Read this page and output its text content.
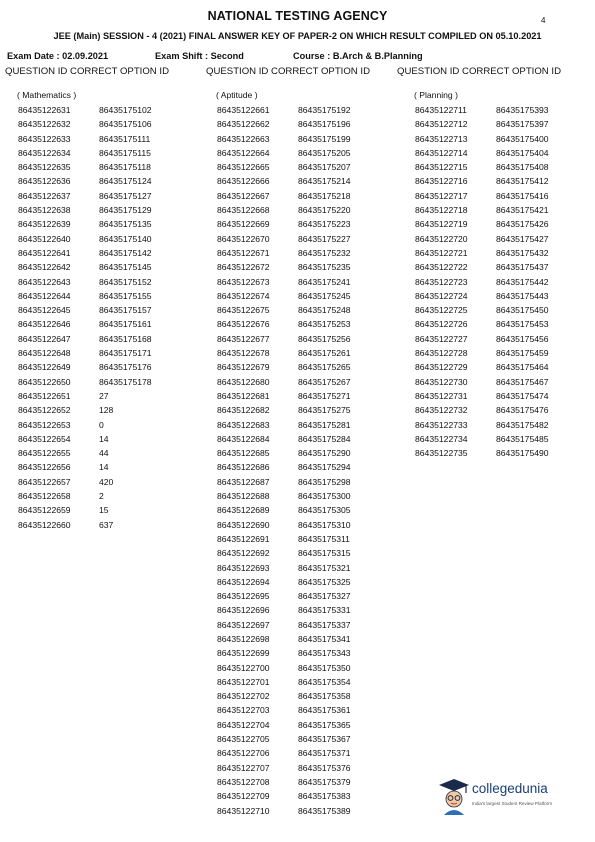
NATIONAL TESTING AGENCY	4
JEE (Main) SESSION - 4 (2021) FINAL ANSWER KEY OF PAPER-2 ON WHICH RESULT COMPILED ON 05.10.2021
Exam Date : 02.09.2021	Exam Shift : Second	Course : B.Arch & B.Planning
QUESTION ID CORRECT OPTION ID	QUESTION ID CORRECT OPTION ID	QUESTION ID CORRECT OPTION ID
( Mathematics )	( Aptitude )	( Planning )
86435122631	86435175102
86435122632	86435175106
86435122633	86435175111
86435122634	86435175115
86435122635	86435175118
86435122636	86435175124
86435122637	86435175127
86435122638	86435175129
86435122639	86435175135
86435122640	86435175140
86435122641	86435175142
86435122642	86435175145
86435122643	86435175152
86435122644	86435175155
86435122645	86435175157
86435122646	86435175161
86435122647	86435175168
86435122648	86435175171
86435122649	86435175176
86435122650	86435175178
86435122651	27
86435122652	128
86435122653	0
86435122654	14
86435122655	44
86435122656	14
86435122657	420
86435122658	2
86435122659	15
86435122660	637
86435122661	86435175192
86435122662	86435175196
86435122663	86435175199
86435122664	86435175205
86435122665	86435175207
86435122666	86435175214
86435122667	86435175218
86435122668	86435175220
86435122669	86435175223
86435122670	86435175227
86435122671	86435175232
86435122672	86435175235
86435122673	86435175241
86435122674	86435175245
86435122675	86435175248
86435122676	86435175253
86435122677	86435175256
86435122678	86435175261
86435122679	86435175265
86435122680	86435175267
86435122681	86435175271
86435122682	86435175275
86435122683	86435175281
86435122684	86435175284
86435122685	86435175290
86435122686	86435175294
86435122687	86435175298
86435122688	86435175300
86435122689	86435175305
86435122690	86435175310
86435122691	86435175311
86435122692	86435175315
86435122693	86435175321
86435122694	86435175325
86435122695	86435175327
86435122696	86435175331
86435122697	86435175337
86435122698	86435175341
86435122699	86435175343
86435122700	86435175350
86435122701	86435175354
86435122702	86435175358
86435122703	86435175361
86435122704	86435175365
86435122705	86435175367
86435122706	86435175371
86435122707	86435175376
86435122708	86435175379
86435122709	86435175383
86435122710	86435175389
86435122711	86435175393
86435122712	86435175397
86435122713	86435175400
86435122714	86435175404
86435122715	86435175408
86435122716	86435175412
86435122717	86435175416
86435122718	86435175421
86435122719	86435175426
86435122720	86435175427
86435122721	86435175432
86435122722	86435175437
86435122723	86435175442
86435122724	86435175443
86435122725	86435175450
86435122726	86435175453
86435122727	86435175456
86435122728	86435175459
86435122729	86435175464
86435122730	86435175467
86435122731	86435175474
86435122732	86435175476
86435122733	86435175482
86435122734	86435175485
86435122735	86435175490
collegedunia
India's largest Student Review Platform
